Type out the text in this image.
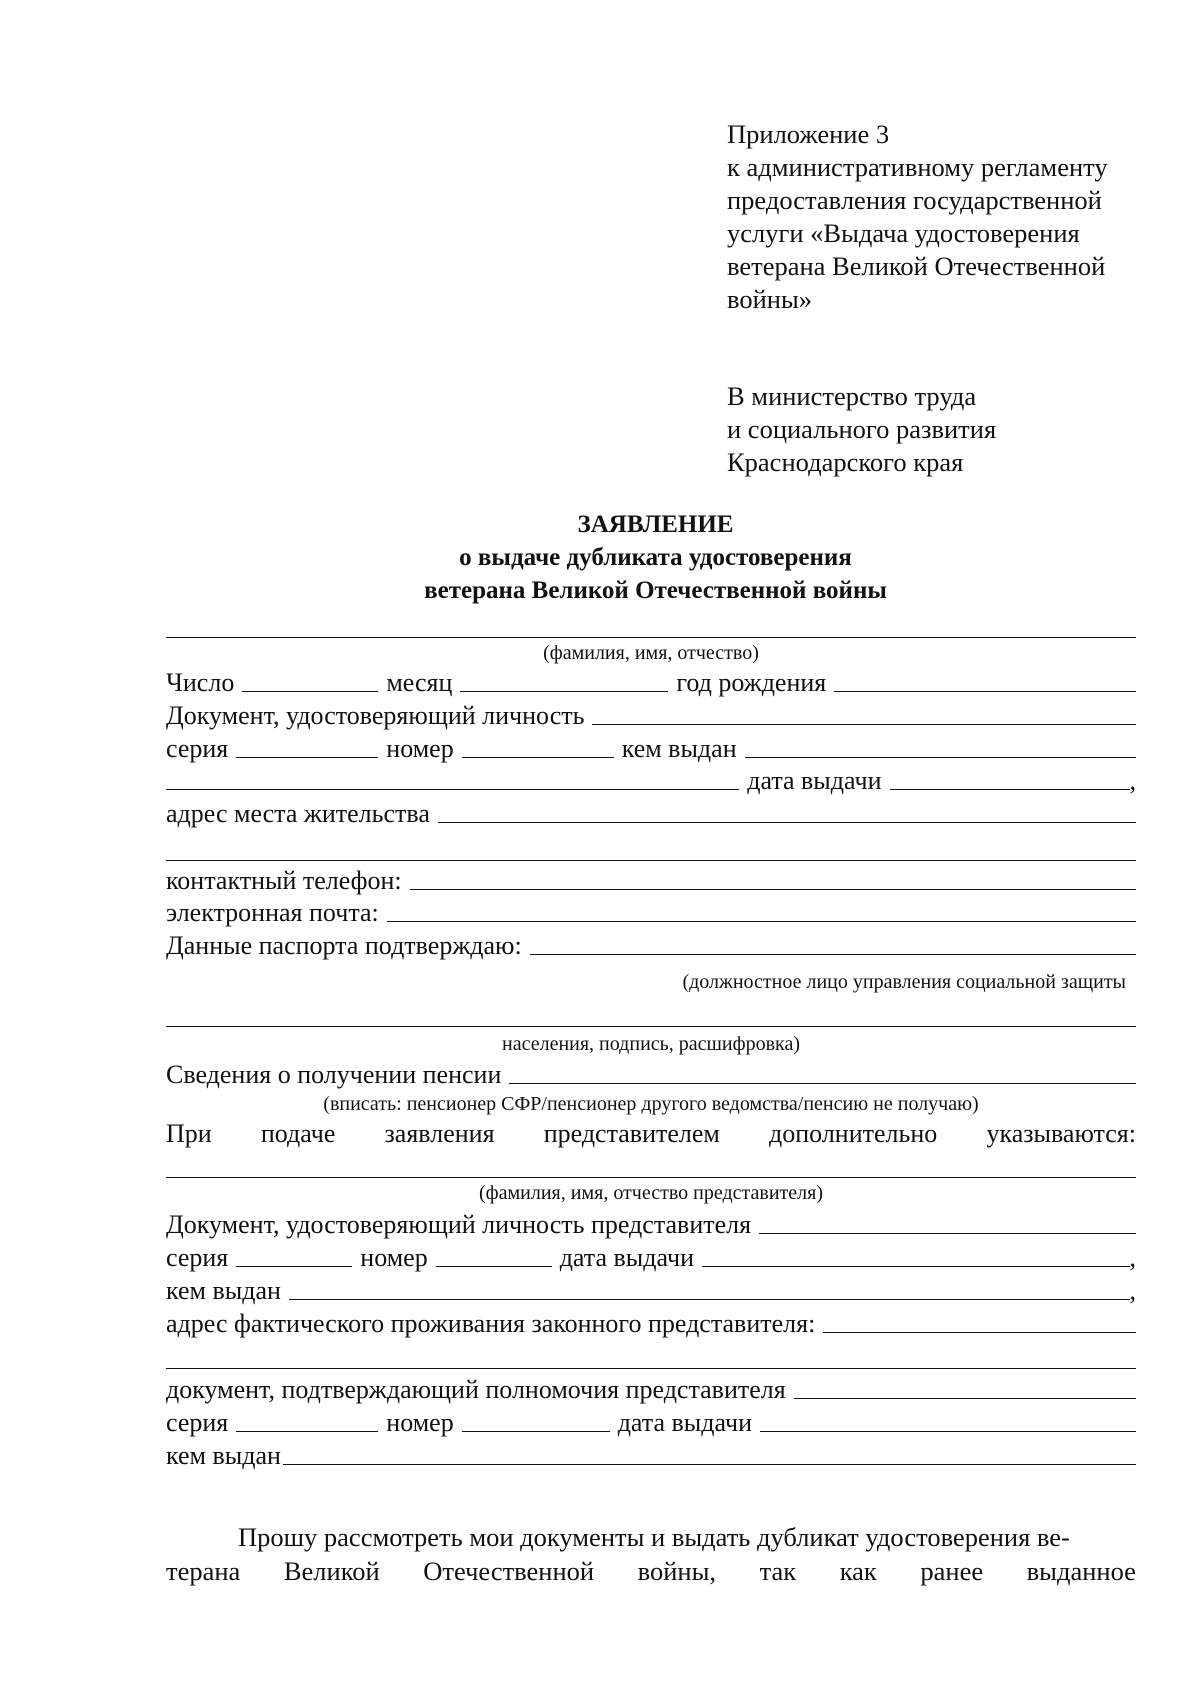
Приложение 3
к административному регламенту
предоставления государственной
услуги «Выдача удостоверения
ветерана Великой Отечественной
войны»
В министерство труда
и социального развития
Краснодарского края
ЗАЯВЛЕНИЕ
о выдаче дубликата удостоверения
ветерана Великой Отечественной войны
(фамилия, имя, отчество)
Число	месяц	год рождения
Документ, удостоверяющий личность
серия	номер	кем выдан
дата выдачи	,
адрес места жительства
контактный телефон:
электронная почта:
Данные паспорта подтверждаю:
(должностное лицо управления социальной защиты
населения, подпись, расшифровка)
Сведения о получении пенсии
(вписать: пенсионер СФР/пенсионер другого ведомства/пенсию не получаю)
При подаче заявления представителем дополнительно указываются:
(фамилия, имя, отчество представителя)
Документ, удостоверяющий личность представителя
серия	номер	дата выдачи	,
кем выдан	,
адрес фактического проживания законного представителя:
документ, подтверждающий полномочия представителя
серия	номер	дата выдачи
кем выдан
Прошу рассмотреть мои документы и выдать дубликат удостоверения ве-
терана Великой Отечественной войны, так как ранее выданное
